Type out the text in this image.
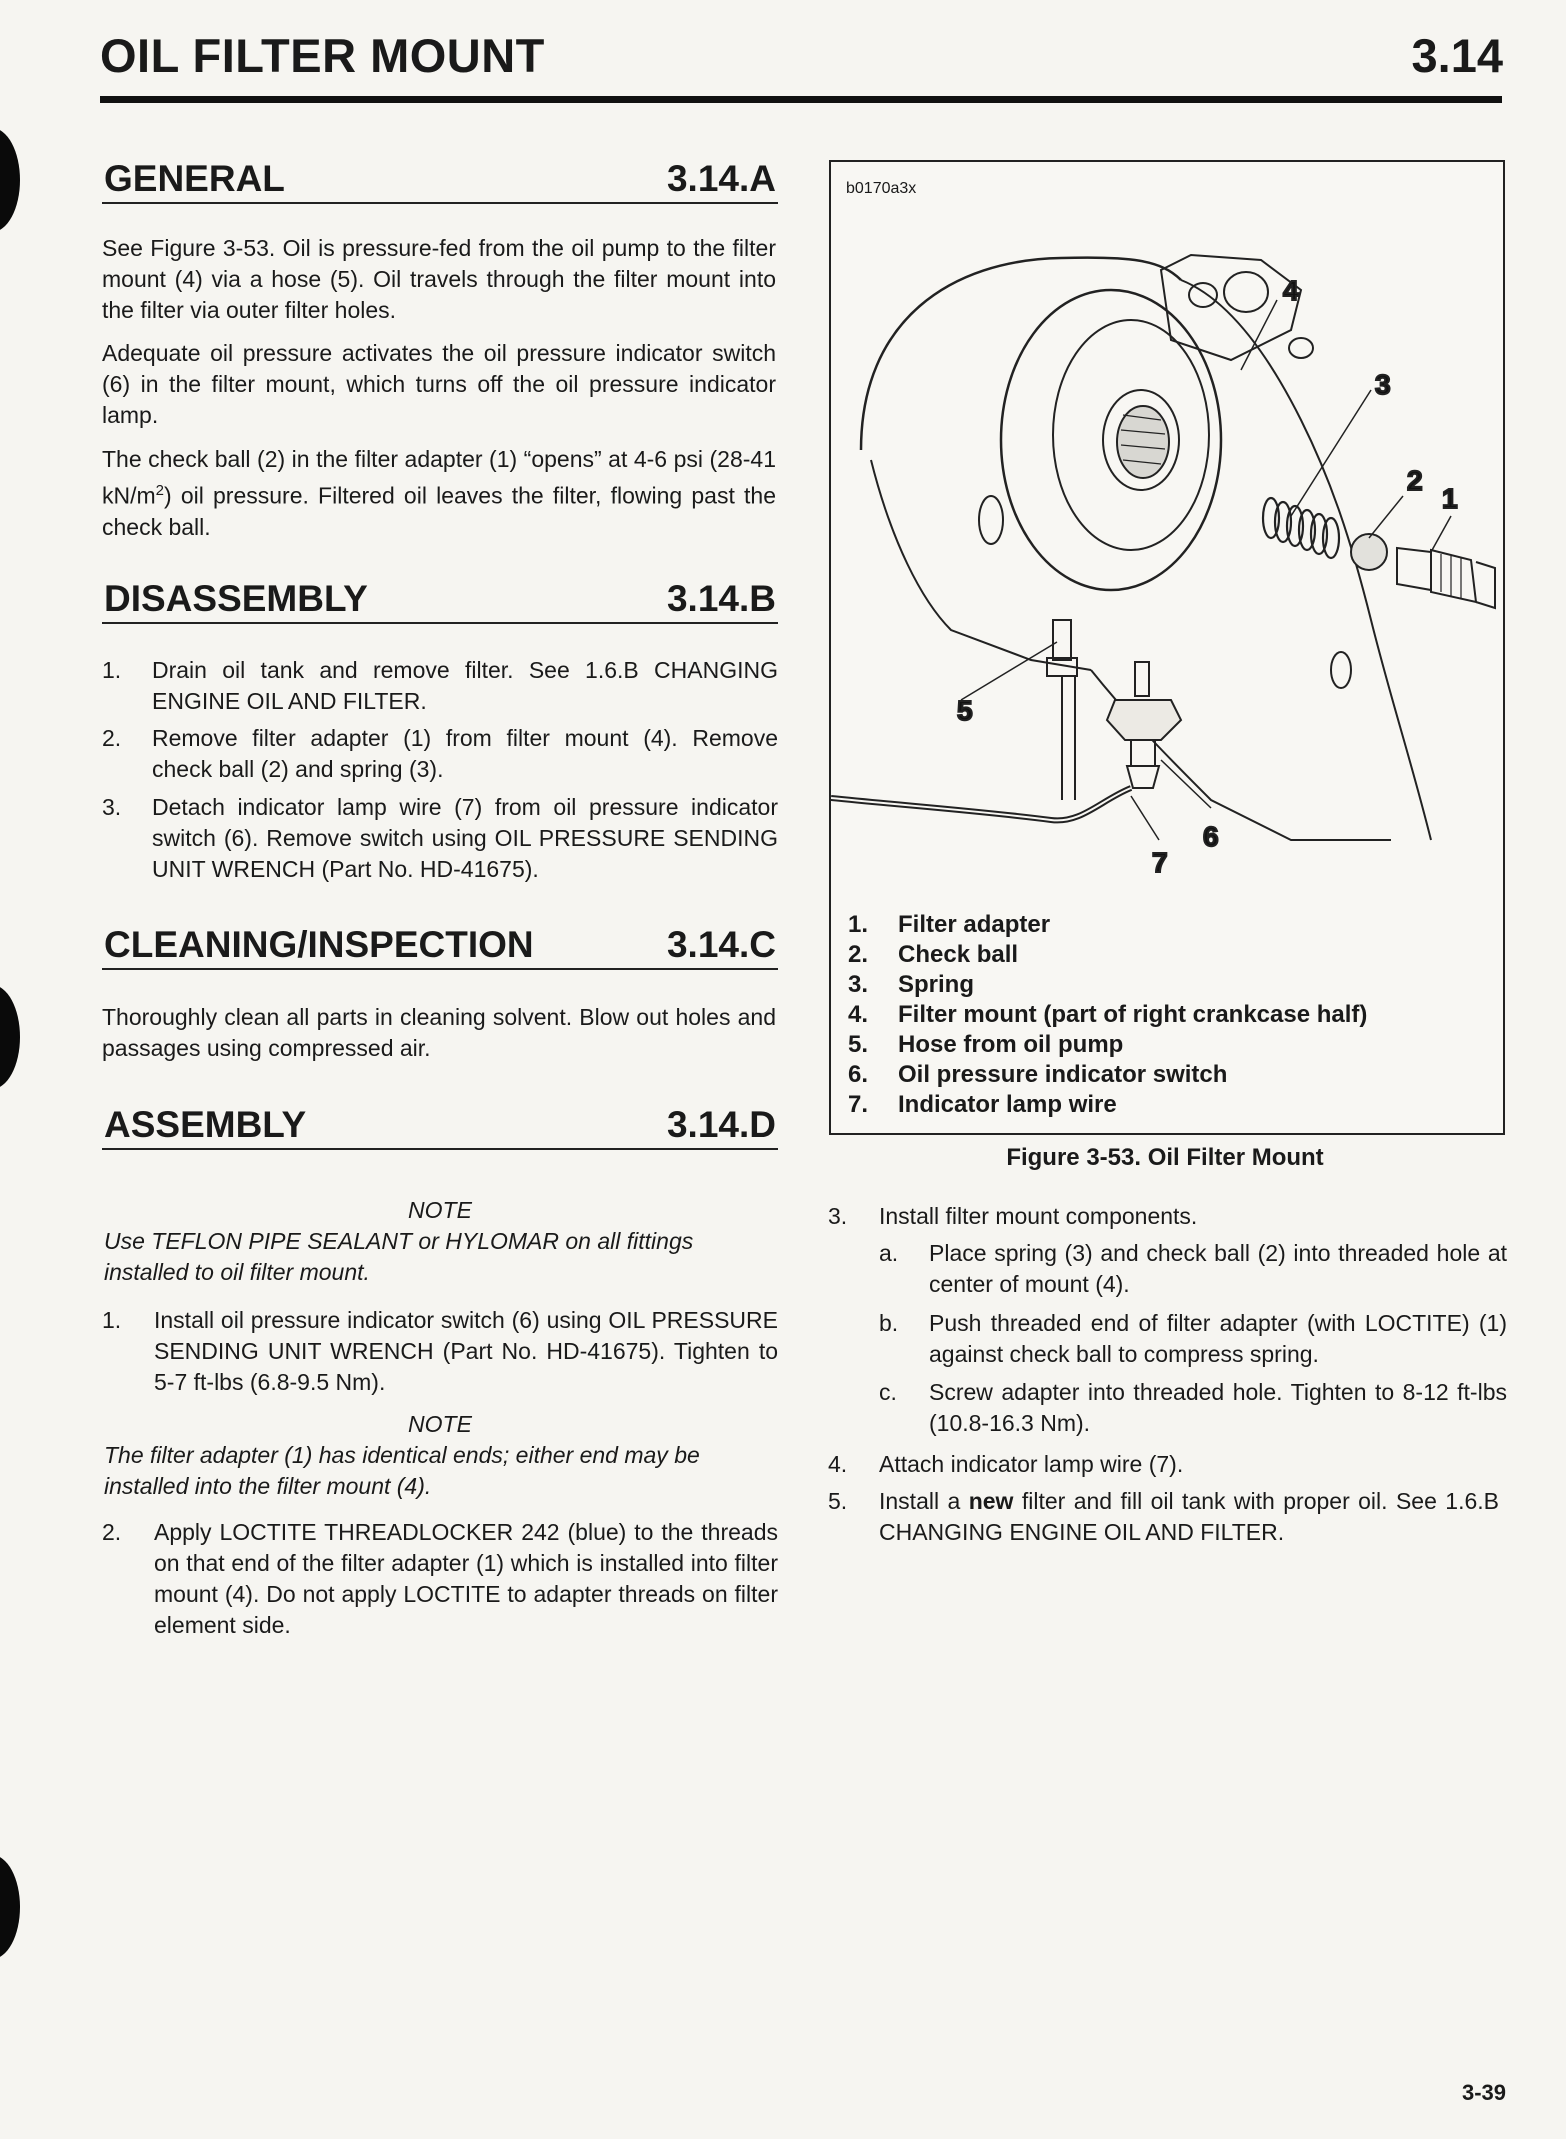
OIL FILTER MOUNT	3.14
GENERAL	3.14.A
See Figure 3-53. Oil is pressure-fed from the oil pump to the filter mount (4) via a hose (5). Oil travels through the filter mount into the filter via outer filter holes.
Adequate oil pressure activates the oil pressure indicator switch (6) in the filter mount, which turns off the oil pressure indicator lamp.
The check ball (2) in the filter adapter (1) “opens” at 4-6 psi (28-41 $kN/m^2$) oil pressure. Filtered oil leaves the filter, flowing past the check ball.
DISASSEMBLY	3.14.B
1. Drain oil tank and remove filter. See 1.6.B CHANGING ENGINE OIL AND FILTER.
2. Remove filter adapter (1) from filter mount (4). Remove check ball (2) and spring (3).
3. Detach indicator lamp wire (7) from oil pressure indicator switch (6). Remove switch using OIL PRESSURE SENDING UNIT WRENCH (Part No. HD-41675).
CLEANING/INSPECTION	3.14.C
Thoroughly clean all parts in cleaning solvent. Blow out holes and passages using compressed air.
ASSEMBLY	3.14.D
NOTE
Use TEFLON PIPE SEALANT or HYLOMAR on all fittings installed to oil filter mount.
1. Install oil pressure indicator switch (6) using OIL PRESSURE SENDING UNIT WRENCH (Part No. HD-41675). Tighten to 5-7 ft-lbs (6.8-9.5 Nm).
NOTE
The filter adapter (1) has identical ends; either end may be installed into the filter mount (4).
2. Apply LOCTITE THREADLOCKER 242 (blue) to the threads on that end of the filter adapter (1) which is installed into filter mount (4). Do not apply LOCTITE to adapter threads on filter element side.
b0170a3x
1
2
3
4
5
6
7
1. Filter adapter
2. Check ball
3. Spring
4. Filter mount (part of right crankcase half)
5. Hose from oil pump
6. Oil pressure indicator switch
7. Indicator lamp wire
Figure 3-53. Oil Filter Mount
3. Install filter mount components.
a. Place spring (3) and check ball (2) into threaded hole at center of mount (4).
b. Push threaded end of filter adapter (with LOCTITE) (1) against check ball to compress spring.
c. Screw adapter into threaded hole. Tighten to 8-12 ft-lbs (10.8-16.3 Nm).
4. Attach indicator lamp wire (7).
5. Install a new filter and fill oil tank with proper oil. See 1.6.B CHANGING ENGINE OIL AND FILTER.
3-39
